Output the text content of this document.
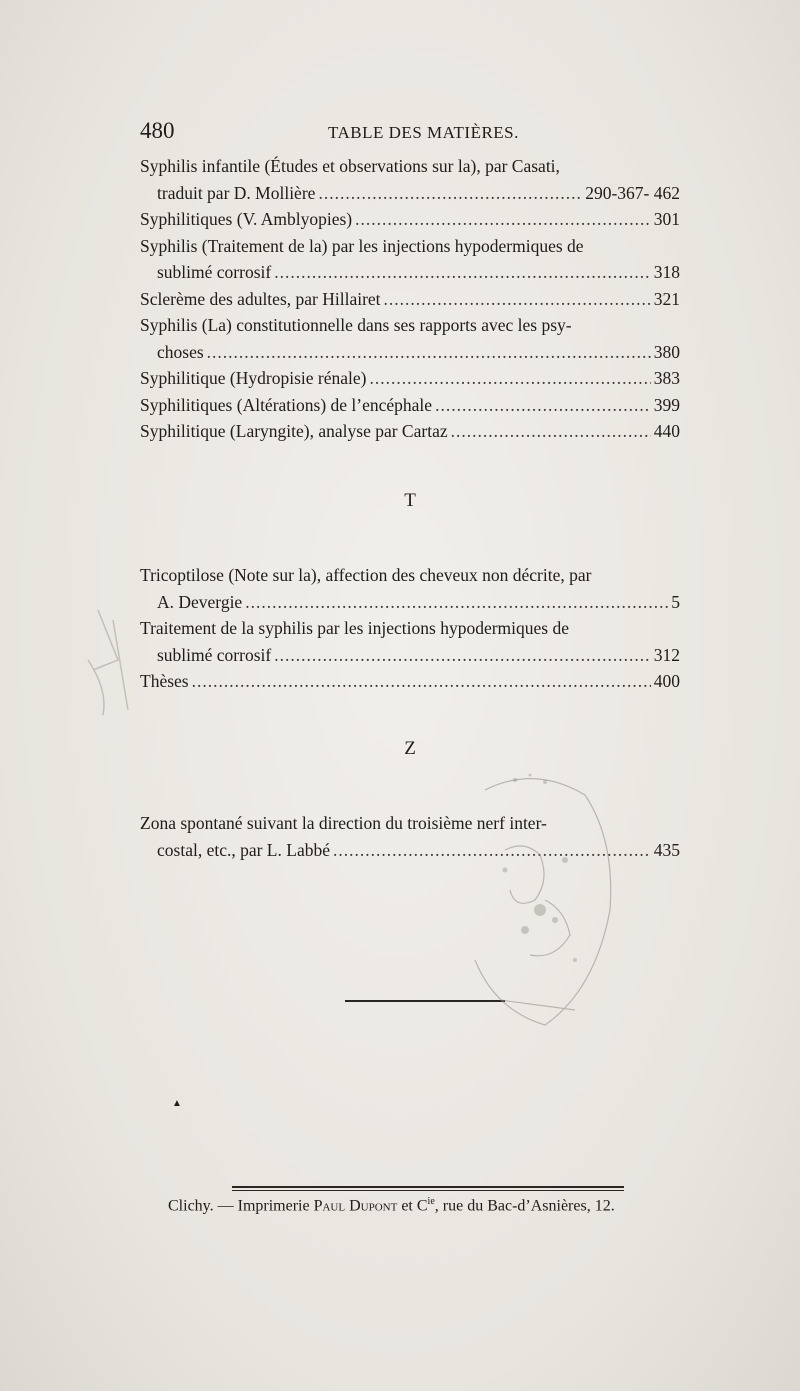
480	TABLE DES MATIÈRES.
Syphilis infantile (Études et observations sur la), par Casati,
traduit par D. Mollière .....	290-367- 462
Syphilitiques (V. Amblyopies) .....	301
Syphilis (Traitement de la) par les injections hypodermiques de
sublimé corrosif .....	318
Sclerème des adultes, par Hillairet .....	321
Syphilis (La) constitutionnelle dans ses rapports avec les psy-
choses .....	380
Syphilitique (Hydropisie rénale) .....	383
Syphilitiques (Altérations) de l’encéphale .....	399
Syphilitique (Laryngite), analyse par Cartaz .....	440
T
Tricoptilose (Note sur la), affection des cheveux non décrite, par
A. Devergie .....	5
Traitement de la syphilis par les injections hypodermiques de
sublimé corrosif .....	312
Thèses .....	400
Z
Zona spontané suivant la direction du troisième nerf inter-
costal, etc., par L. Labbé .....	435
Clichy. — Imprimerie Paul Dupont et $C^{ie}$, rue du Bac-d’Asnières, 12.
▲
